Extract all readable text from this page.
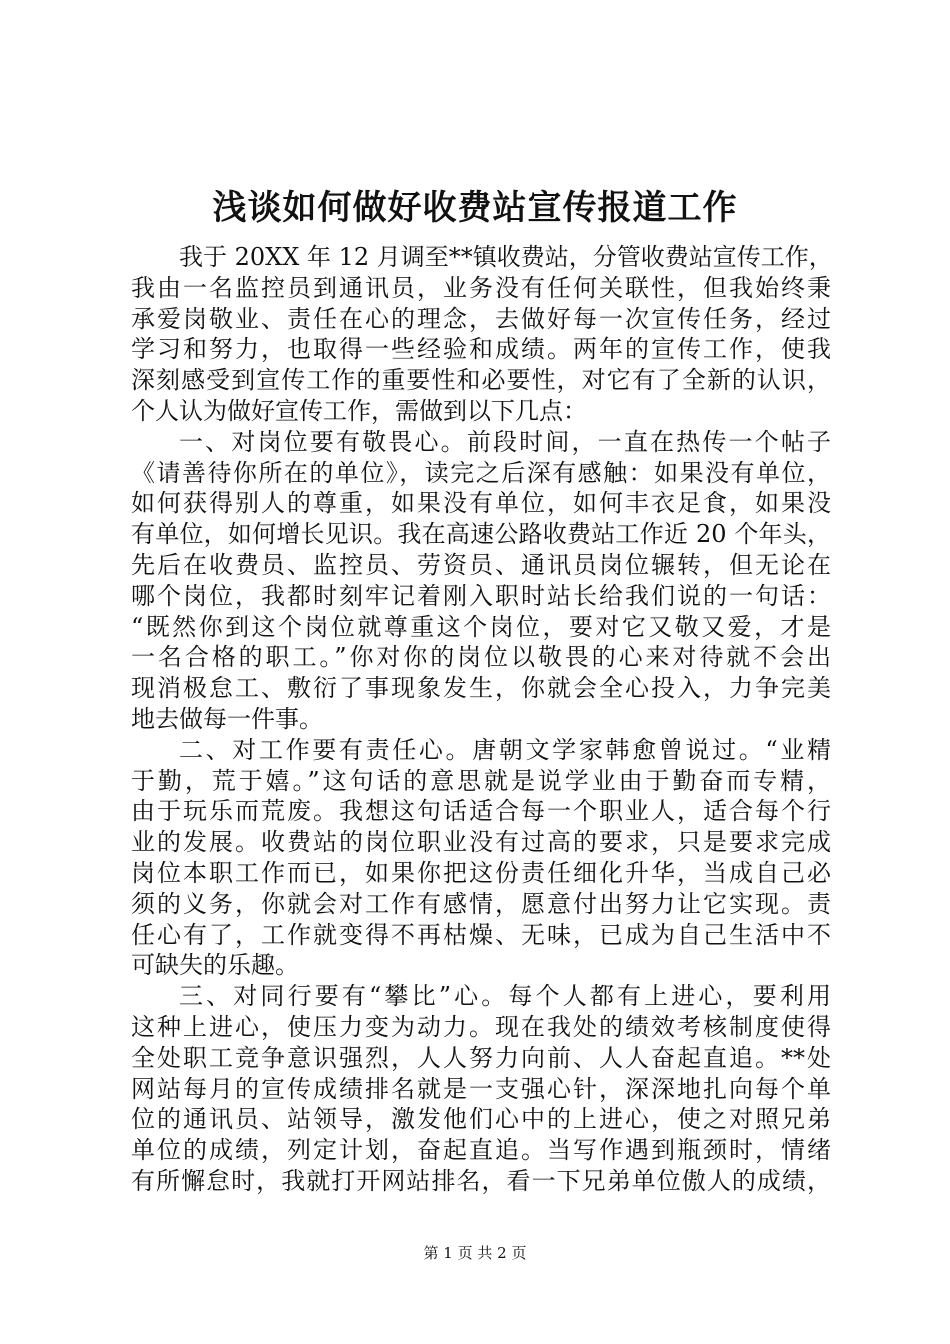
浅谈如何做好收费站宣传报道工作
我于 20XX 年 12 月调至**镇收费站，分管收费站宣传工作，
我由一名监控员到通讯员，业务没有任何关联性，但我始终秉
承爱岗敬业、责任在心的理念，去做好每一次宣传任务，经过
学习和努力，也取得一些经验和成绩。两年的宣传工作，使我
深刻感受到宣传工作的重要性和必要性，对它有了全新的认识，
个人认为做好宣传工作，需做到以下几点：
一、对岗位要有敬畏心。前段时间，一直在热传一个帖子
《请善待你所在的单位》，读完之后深有感触：如果没有单位，
如何获得别人的尊重，如果没有单位，如何丰衣足食，如果没
有单位，如何增长见识。我在高速公路收费站工作近 20 个年头，
先后在收费员、监控员、劳资员、通讯员岗位辗转，但无论在
哪个岗位，我都时刻牢记着刚入职时站长给我们说的一句话：
“既然你到这个岗位就尊重这个岗位，要对它又敬又爱，才是
一名合格的职工。”你对你的岗位以敬畏的心来对待就不会出
现消极怠工、敷衍了事现象发生，你就会全心投入，力争完美
地去做每一件事。
二、对工作要有责任心。唐朝文学家韩愈曾说过。“业精
于勤，荒于嬉。”这句话的意思就是说学业由于勤奋而专精，
由于玩乐而荒废。我想这句话适合每一个职业人，适合每个行
业的发展。收费站的岗位职业没有过高的要求，只是要求完成
岗位本职工作而已，如果你把这份责任细化升华，当成自己必
须的义务，你就会对工作有感情，愿意付出努力让它实现。责
任心有了，工作就变得不再枯燥、无味，已成为自己生活中不
可缺失的乐趣。
三、对同行要有“攀比”心。每个人都有上进心，要利用
这种上进心，使压力变为动力。现在我处的绩效考核制度使得
全处职工竞争意识强烈，人人努力向前、人人奋起直追。**处
网站每月的宣传成绩排名就是一支强心针，深深地扎向每个单
位的通讯员、站领导，激发他们心中的上进心，使之对照兄弟
单位的成绩，列定计划，奋起直追。当写作遇到瓶颈时，情绪
有所懈怠时，我就打开网站排名，看一下兄弟单位傲人的成绩，
第 1 页 共 2 页
